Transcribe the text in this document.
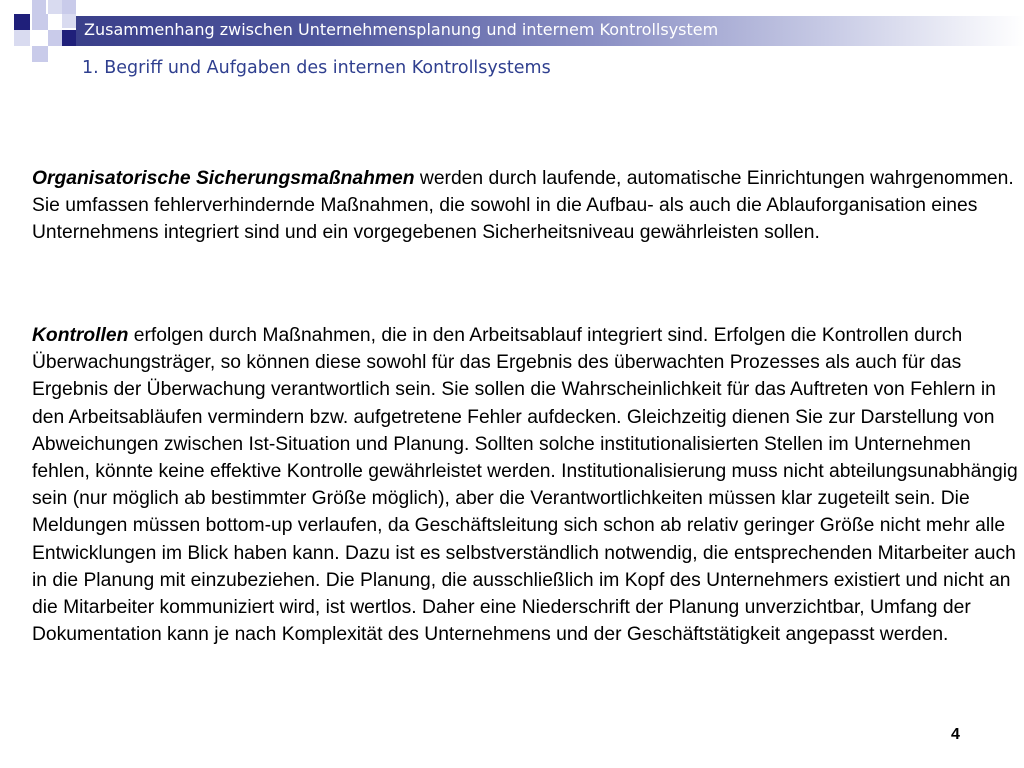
Zusammenhang zwischen Unternehmensplanung und internem Kontrollsystem
1. Begriff und Aufgaben des internen Kontrollsystems
Organisatorische Sicherungsmaßnahmen werden durch laufende, automatische Einrichtungen wahrgenommen. Sie umfassen fehlerverhindernde Maßnahmen, die sowohl in die Aufbau- als auch die Ablauforganisation eines Unternehmens integriert sind und ein vorgegebenen Sicherheitsniveau gewährleisten sollen.
Kontrollen erfolgen durch Maßnahmen, die in den Arbeitsablauf integriert sind. Erfolgen die Kontrollen durch Überwachungsträger, so können diese sowohl für das Ergebnis des überwachten Prozesses als auch für das Ergebnis der Überwachung verantwortlich sein. Sie sollen die Wahrscheinlichkeit für das Auftreten von Fehlern in den Arbeitsabläufen vermindern bzw. aufgetretene Fehler aufdecken. Gleichzeitig dienen Sie zur Darstellung von Abweichungen zwischen Ist-Situation und Planung. Sollten solche institutionalisierten Stellen im Unternehmen fehlen, könnte keine effektive Kontrolle gewährleistet werden. Institutionalisierung muss nicht abteilungsunabhängig sein (nur möglich ab bestimmter Größe möglich), aber die Verantwortlichkeiten müssen klar zugeteilt sein. Die Meldungen müssen bottom-up verlaufen, da Geschäftsleitung sich schon ab relativ geringer Größe nicht mehr alle Entwicklungen im Blick haben kann. Dazu ist es selbstverständlich notwendig, die entsprechenden Mitarbeiter auch in die Planung mit einzubeziehen. Die Planung, die ausschließlich im Kopf des Unternehmers existiert und nicht an die Mitarbeiter kommuniziert wird, ist wertlos. Daher eine Niederschrift der Planung unverzichtbar, Umfang der Dokumentation kann je nach Komplexität des Unternehmens und der Geschäftstätigkeit angepasst werden.
4
